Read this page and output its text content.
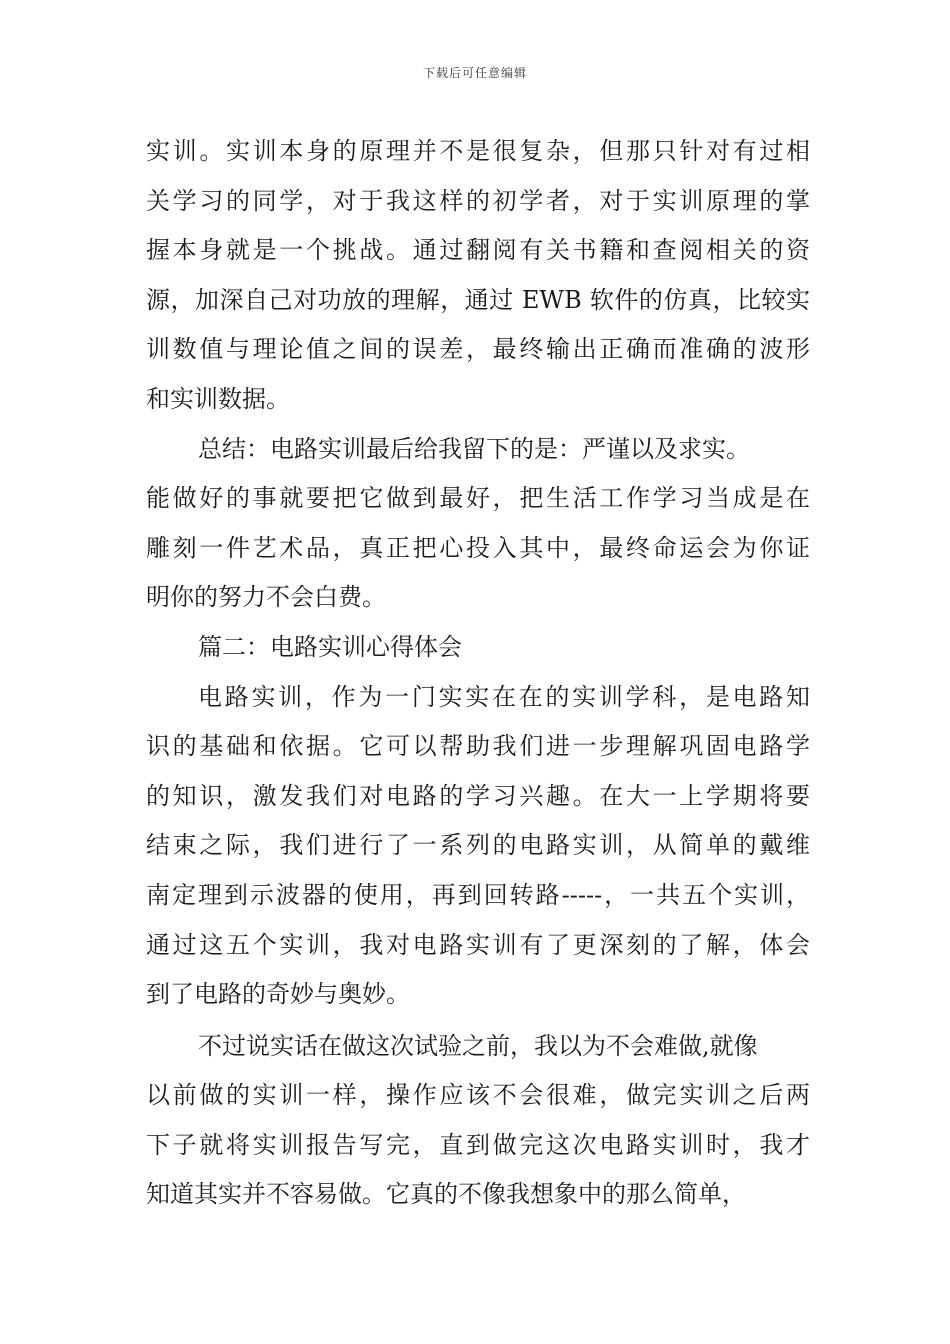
下载后可任意编辑
实训。实训本身的原理并不是很复杂，但那只针对有过相
关学习的同学，对于我这样的初学者，对于实训原理的掌
握本身就是一个挑战。通过翻阅有关书籍和查阅相关的资
源，加深自己对功放的理解，通过 EWB 软件的仿真，比较实
训数值与理论值之间的误差，最终输出正确而准确的波形
和实训数据。
总结：电路实训最后给我留下的是：严谨以及求实。
能做好的事就要把它做到最好，把生活工作学习当成是在
雕刻一件艺术品，真正把心投入其中，最终命运会为你证
明你的努力不会白费。
篇二：电路实训心得体会
电路实训，作为一门实实在在的实训学科，是电路知
识的基础和依据。它可以帮助我们进一步理解巩固电路学
的知识，激发我们对电路的学习兴趣。在大一上学期将要
结束之际，我们进行了一系列的电路实训，从简单的戴维
南定理到示波器的使用，再到回转路-----，一共五个实训，
通过这五个实训，我对电路实训有了更深刻的了解，体会
到了电路的奇妙与奥妙。
不过说实话在做这次试验之前，我以为不会难做,就像
以前做的实训一样，操作应该不会很难，做完实训之后两
下子就将实训报告写完，直到做完这次电路实训时，我才
知道其实并不容易做。它真的不像我想象中的那么简单，
